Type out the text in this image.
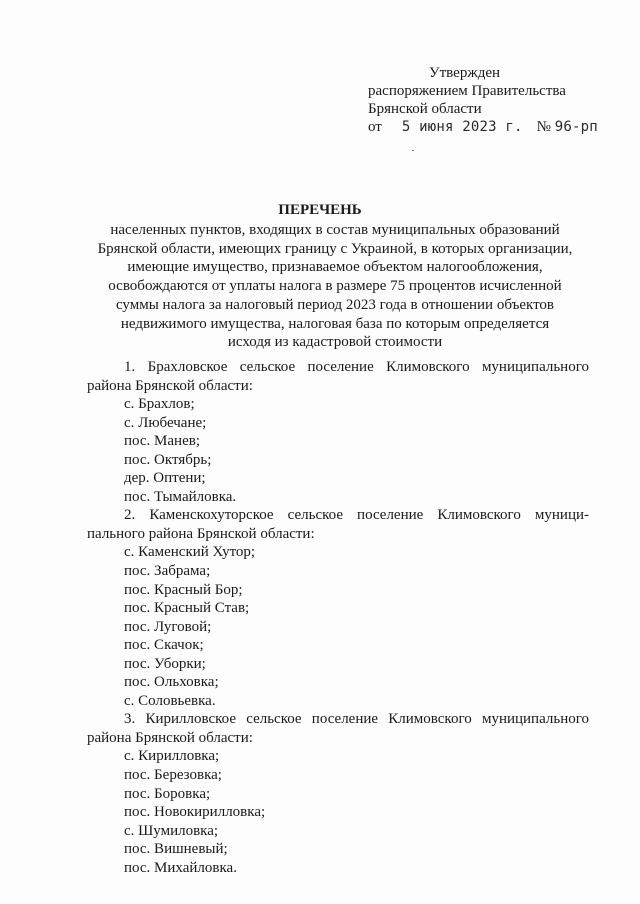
Утвержден
распоряжением Правительства
Брянской области
от 5 июня 2023 г. № 96-рп
ПЕРЕЧЕНЬ
населенных пунктов, входящих в состав муниципальных образований
Брянской области, имеющих границу с Украиной, в которых организации,
имеющие имущество, признаваемое объектом налогообложения,
освобождаются от уплаты налога в размере 75 процентов исчисленной
суммы налога за налоговый период 2023 года в отношении объектов
недвижимого имущества, налоговая база по которым определяется
исходя из кадастровой стоимости
1. Брахловское сельское поселение Климовского муниципального
района Брянской области:
с. Брахлов;
с. Любечане;
пос. Манев;
пос. Октябрь;
дер. Оптени;
пос. Тымайловка.
2. Каменскохуторское сельское поселение Климовского муници-
пального района Брянской области:
с. Каменский Хутор;
пос. Забрама;
пос. Красный Бор;
пос. Красный Став;
пос. Луговой;
пос. Скачок;
пос. Уборки;
пос. Ольховка;
с. Соловьевка.
3. Кирилловское сельское поселение Климовского муниципального
района Брянской области:
с. Кирилловка;
пос. Березовка;
пос. Боровка;
пос. Новокирилловка;
с. Шумиловка;
пос. Вишневый;
пос. Михайловка.
